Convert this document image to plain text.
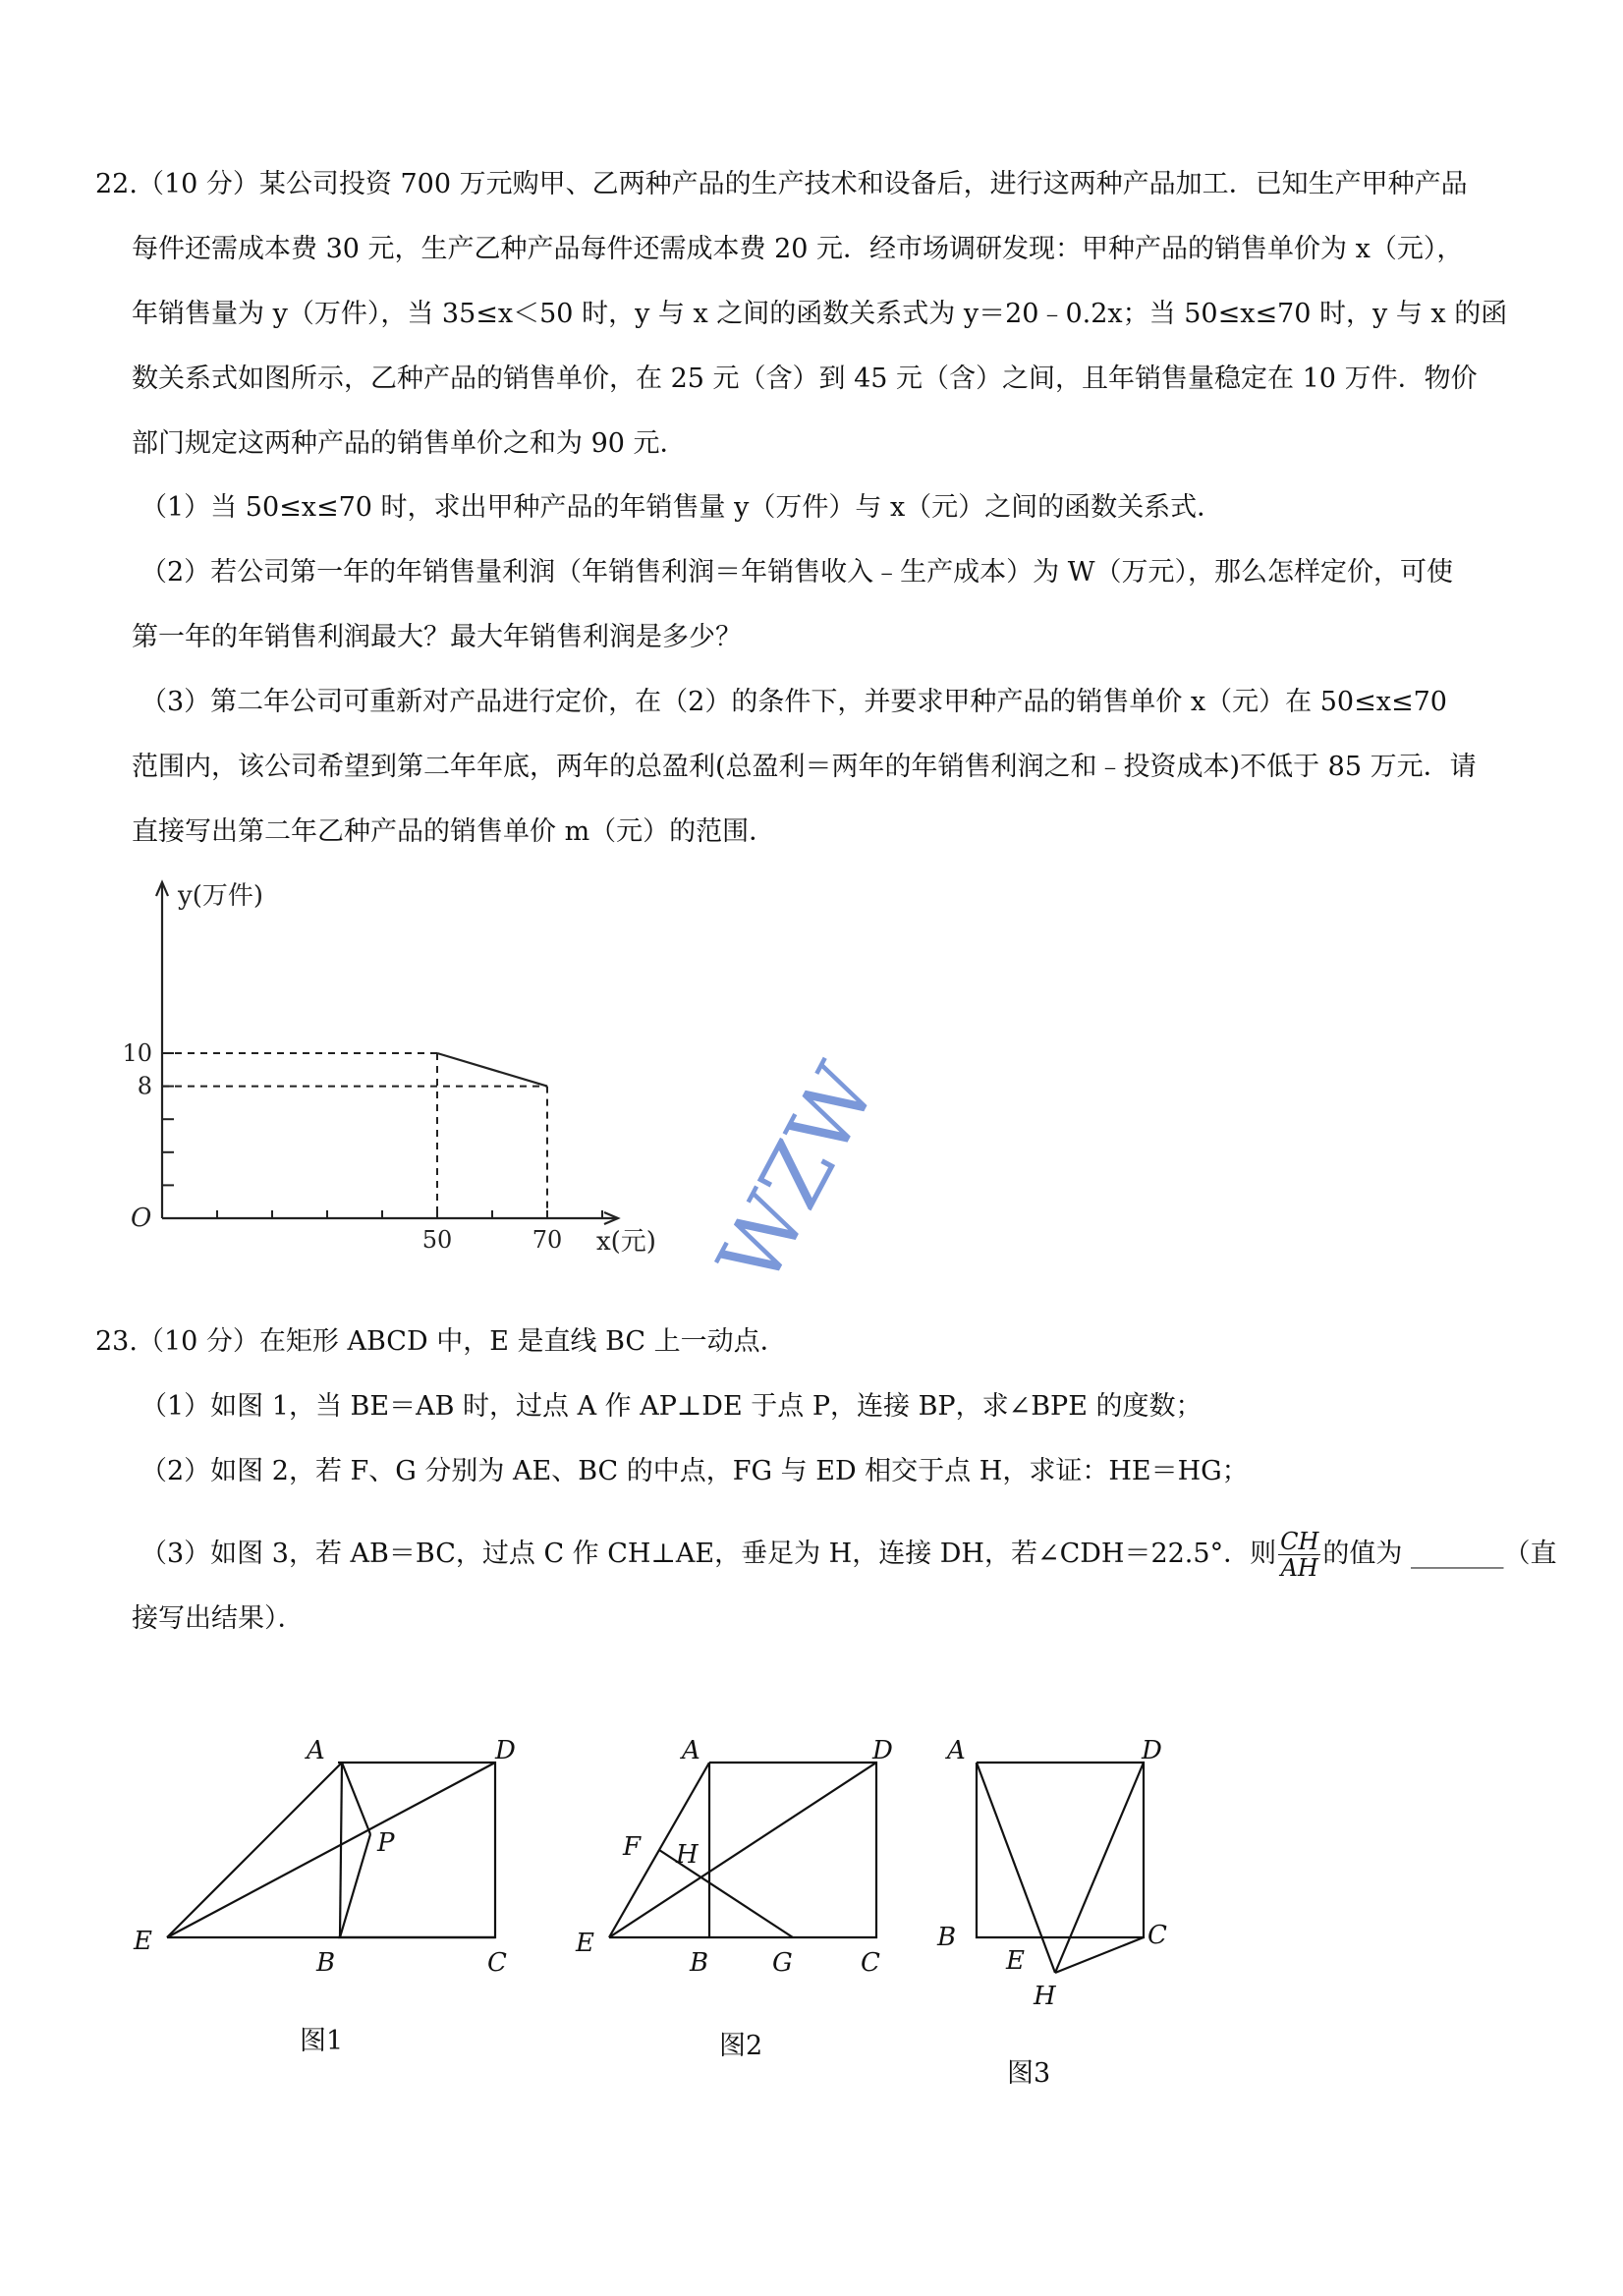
22.（10 分）某公司投资 700 万元购甲、乙两种产品的生产技术和设备后，进行这两种产品加工．已知生产甲种产品
每件还需成本费 30 元，生产乙种产品每件还需成本费 20 元．经市场调研发现：甲种产品的销售单价为 x（元），
年销售量为 y（万件），当 35≤x＜50 时，y 与 x 之间的函数关系式为 y＝20﹣0.2x；当 50≤x≤70 时，y 与 x 的函
数关系式如图所示，乙种产品的销售单价，在 25 元（含）到 45 元（含）之间，且年销售量稳定在 10 万件．物价
部门规定这两种产品的销售单价之和为 90 元．
（1）当 50≤x≤70 时，求出甲种产品的年销售量 y（万件）与 x（元）之间的函数关系式．
（2）若公司第一年的年销售量利润（年销售利润＝年销售收入﹣生产成本）为 W（万元），那么怎样定价，可使
第一年的年销售利润最大？最大年销售利润是多少？
（3）第二年公司可重新对产品进行定价，在（2）的条件下，并要求甲种产品的销售单价 x（元）在 50≤x≤70
范围内，该公司希望到第二年年底，两年的总盈利(总盈利＝两年的年销售利润之和﹣投资成本)不低于 85 万元．请
直接写出第二年乙种产品的销售单价 m（元）的范围．
50	70
10
8
O
y(万件)
x(元) WZW
23.（10 分）在矩形 ABCD 中，E 是直线 BC 上一动点．
（1）如图 1，当 BE＝AB 时，过点 A 作 AP⊥DE 于点 P，连接 BP，求∠BPE 的度数；
（2）如图 2，若 F、G 分别为 AE、BC 的中点，FG 与 ED 相交于点 H，求证：HE＝HG；
（3）如图 3，若 AB＝BC，过点 C 作 CH⊥AE，垂足为 H，连接 DH，若∠CDH＝22.5°．则 $\frac{CH}{AH}$ 的值为 _______（直
接写出结果）．
A	D
P
E
B	C
图1
A	D
F H
E
B G	C
图2
A	D
B
E
C
H
图3
